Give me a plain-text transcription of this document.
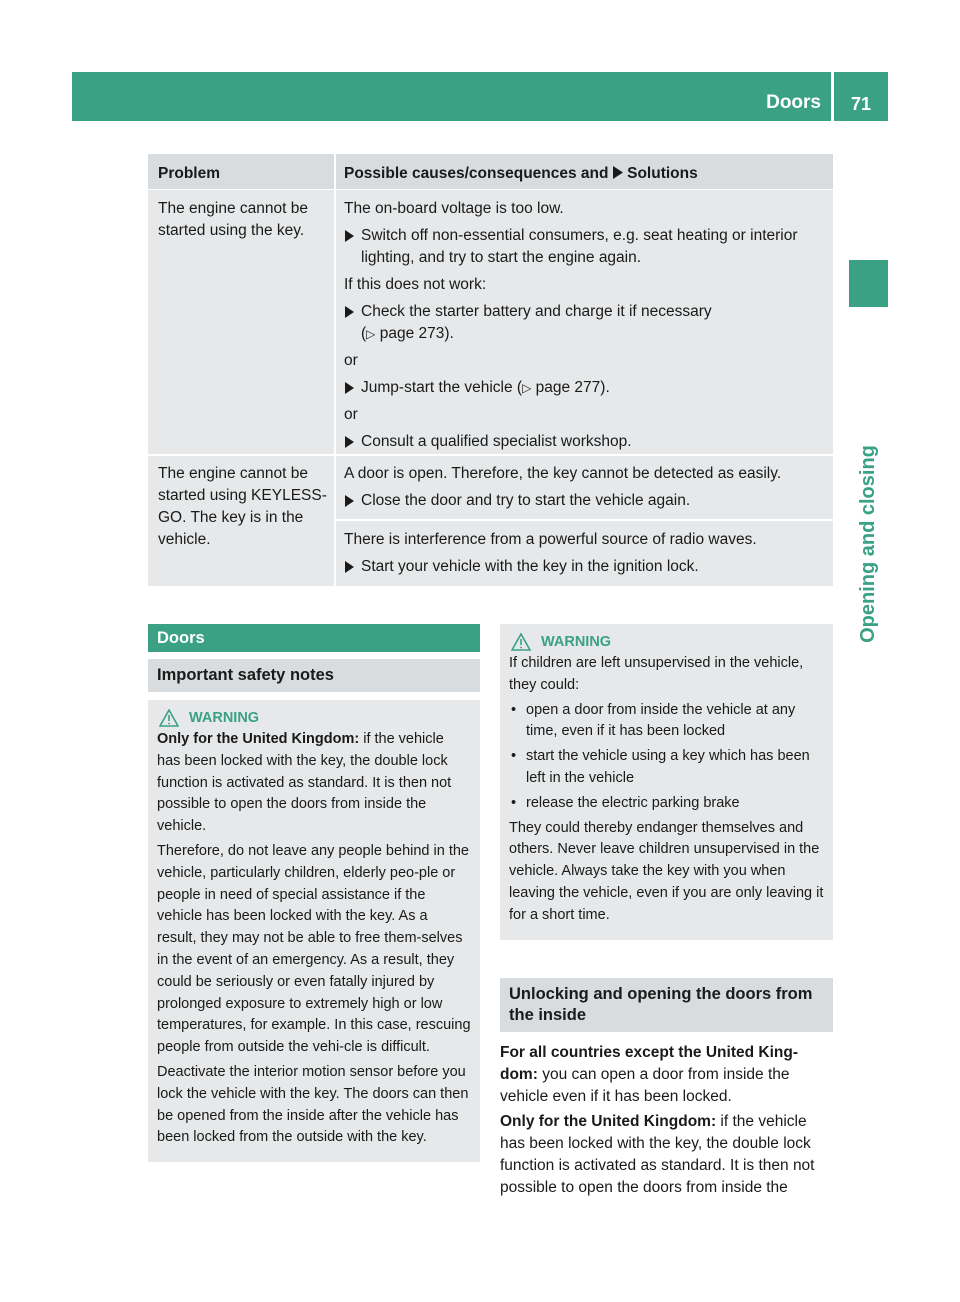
Doors	71
Opening and closing
Problem	Possible causes/consequences and Solutions
The engine cannot be started using the key.

The on-board voltage is too low.

Switch off non-essential consumers, e.g. seat heating or interior lighting, and try to start the engine again.

If this does not work:

Check the starter battery and charge it if necessary
(▷ page 273).

or

Jump-start the vehicle (▷ page 277).

or

Consult a qualified specialist workshop.

The engine cannot be started using KEYLESS-GO. The key is in the vehicle.

A door is open. Therefore, the key cannot be detected as easily.

Close the door and try to start the vehicle again.

There is interference from a powerful source of radio waves.

Start your vehicle with the key in the ignition lock.

Doors
Important safety notes
WARNING

Only for the United Kingdom: if the vehicle has been locked with the key, the double lock function is activated as standard. It is then not possible to open the doors from inside the vehicle.

Therefore, do not leave any people behind in the vehicle, particularly children, elderly peo-ple or people in need of special assistance if the vehicle has been locked with the key. As a result, they may not be able to free them-selves in the event of an emergency. As a result, they could be seriously or even fatally injured by prolonged exposure to extremely high or low temperatures, for example. In this case, rescuing people from outside the vehi-cle is difficult.

Deactivate the interior motion sensor before you lock the vehicle with the key. The doors can then be opened from the inside after the vehicle has been locked from the outside with the key.

WARNING

If children are left unsupervised in the vehicle, they could:

• open a door from inside the vehicle at any time, even if it has been locked
• start the vehicle using a key which has been left in the vehicle
• release the electric parking brake

They could thereby endanger themselves and others. Never leave children unsupervised in the vehicle. Always take the key with you when leaving the vehicle, even if you are only leaving it for a short time.

Unlocking and opening the doors from the inside

For all countries except the United King-dom: you can open a door from inside the vehicle even if it has been locked.

Only for the United Kingdom: if the vehicle has been locked with the key, the double lock function is activated as standard. It is then not possible to open the doors from inside the
